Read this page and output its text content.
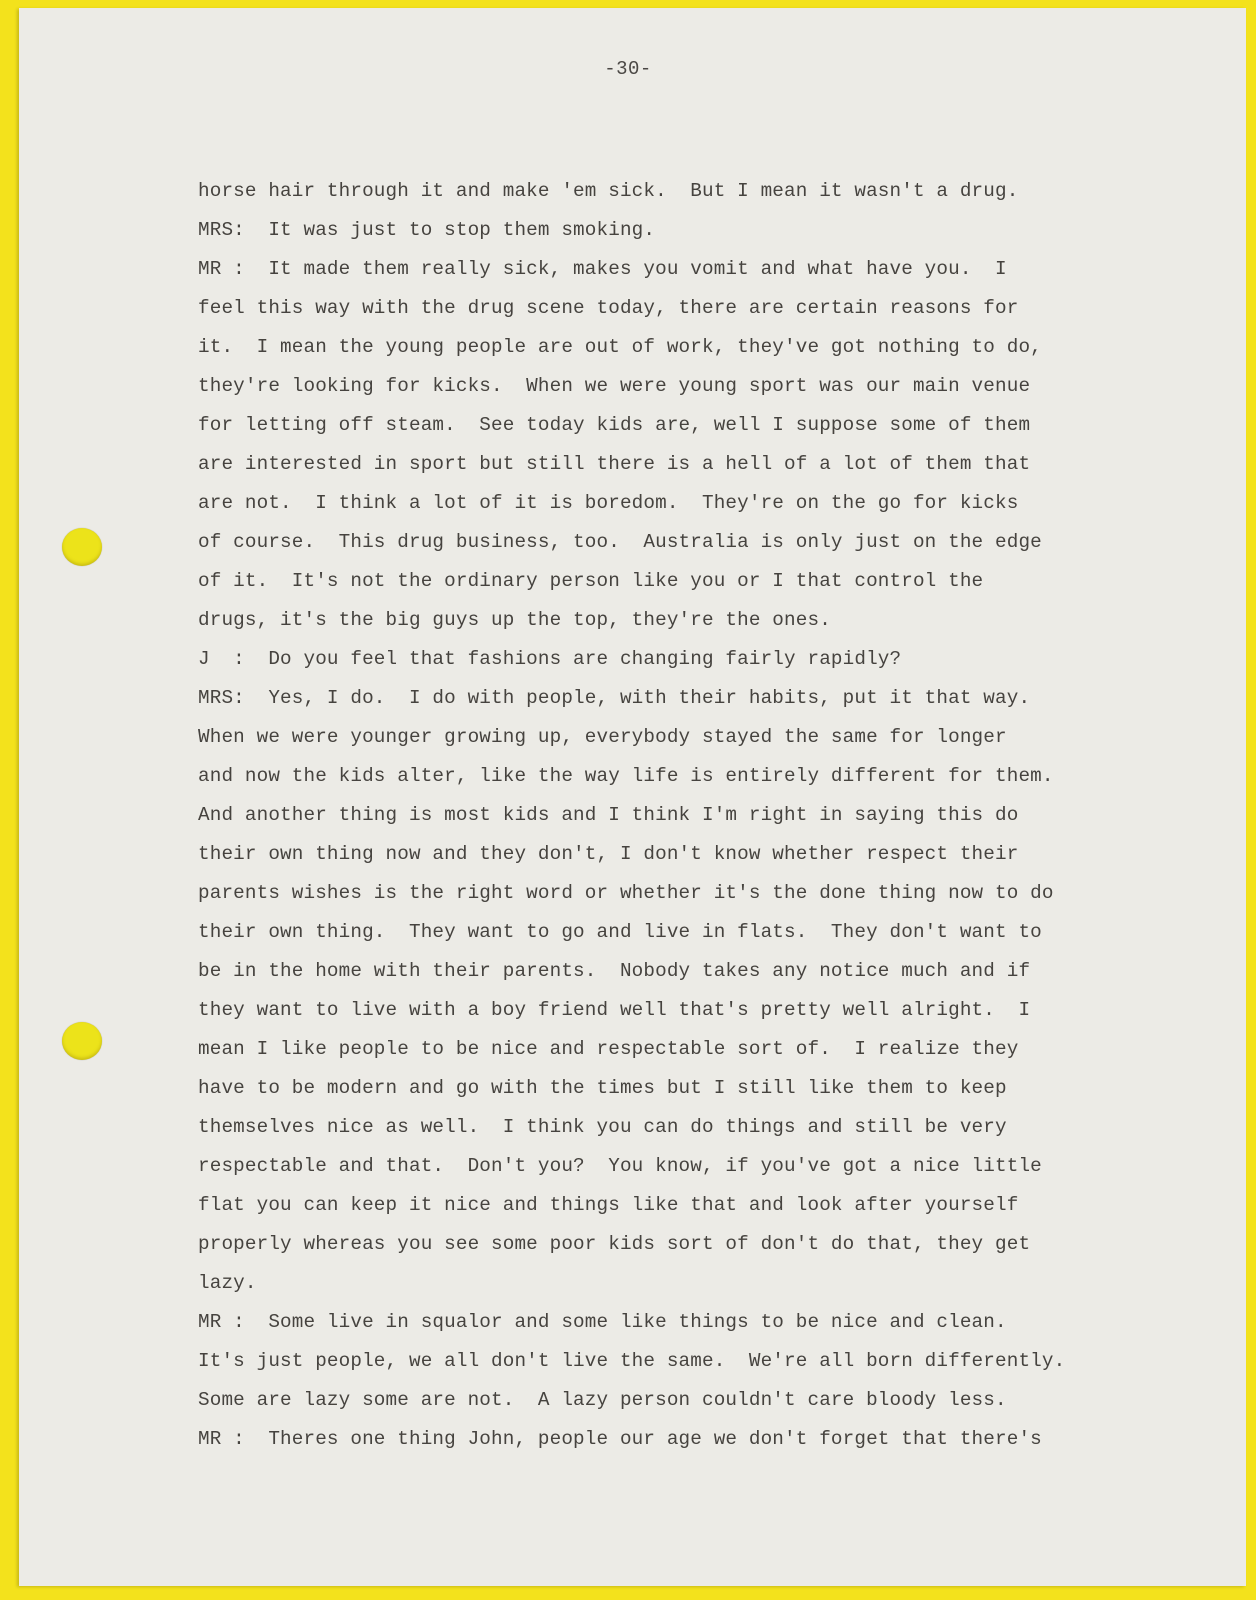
-30-
horse hair through it and make 'em sick.  But I mean it wasn't a drug.
MRS:  It was just to stop them smoking.
MR :  It made them really sick, makes you vomit and what have you.  I
feel this way with the drug scene today, there are certain reasons for
it.  I mean the young people are out of work, they've got nothing to do,
they're looking for kicks.  When we were young sport was our main venue
for letting off steam.  See today kids are, well I suppose some of them
are interested in sport but still there is a hell of a lot of them that
are not.  I think a lot of it is boredom.  They're on the go for kicks
of course.  This drug business, too.  Australia is only just on the edge
of it.  It's not the ordinary person like you or I that control the
drugs, it's the big guys up the top, they're the ones.
J  :  Do you feel that fashions are changing fairly rapidly?
MRS:  Yes, I do.  I do with people, with their habits, put it that way.
When we were younger growing up, everybody stayed the same for longer
and now the kids alter, like the way life is entirely different for them.
And another thing is most kids and I think I'm right in saying this do
their own thing now and they don't, I don't know whether respect their
parents wishes is the right word or whether it's the done thing now to do
their own thing.  They want to go and live in flats.  They don't want to
be in the home with their parents.  Nobody takes any notice much and if
they want to live with a boy friend well that's pretty well alright.  I
mean I like people to be nice and respectable sort of.  I realize they
have to be modern and go with the times but I still like them to keep
themselves nice as well.  I think you can do things and still be very
respectable and that.  Don't you?  You know, if you've got a nice little
flat you can keep it nice and things like that and look after yourself
properly whereas you see some poor kids sort of don't do that, they get
lazy.
MR :  Some live in squalor and some like things to be nice and clean.
It's just people, we all don't live the same.  We're all born differently.
Some are lazy some are not.  A lazy person couldn't care bloody less.
MR :  Theres one thing John, people our age we don't forget that there's
